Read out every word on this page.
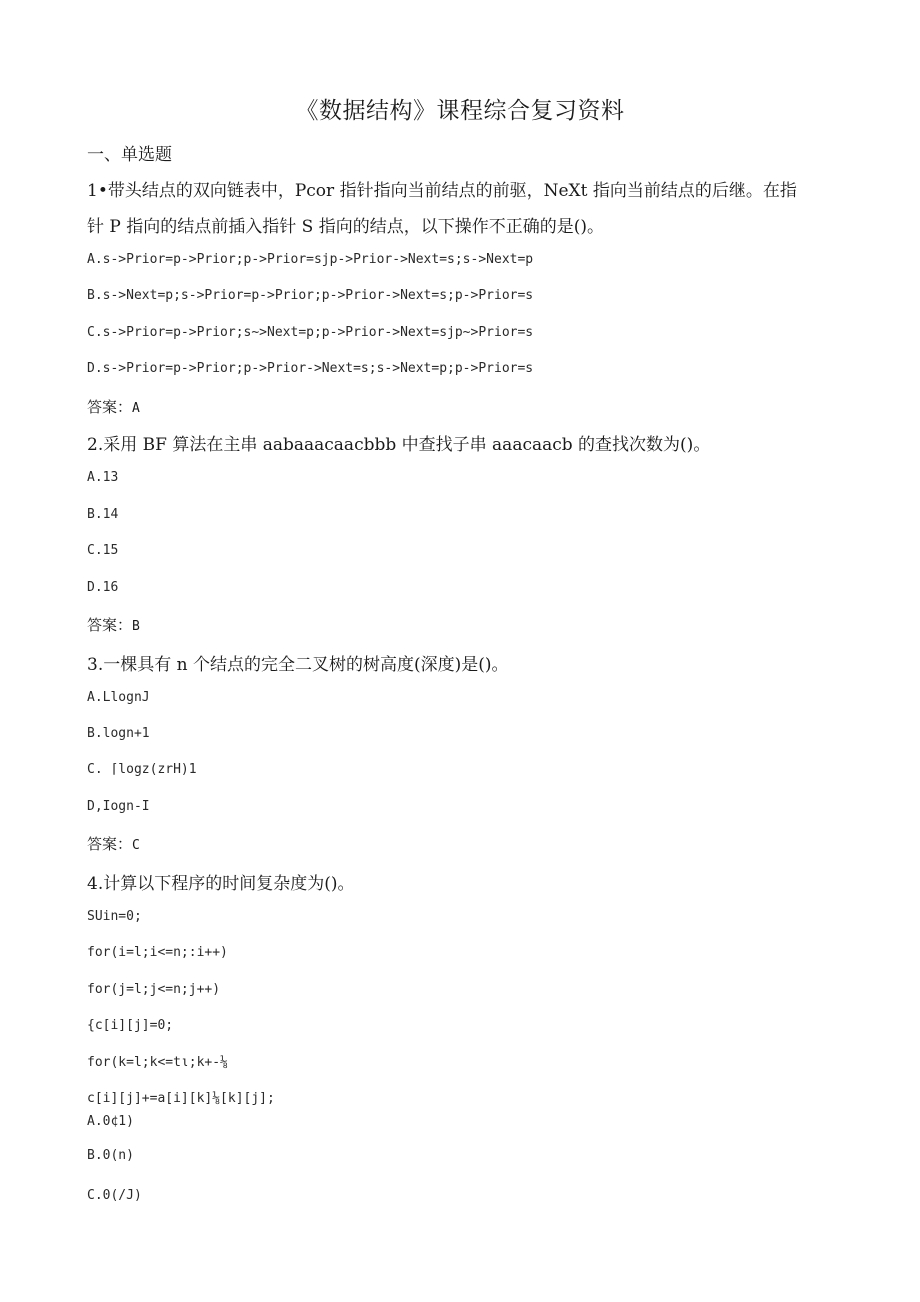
《数据结构》课程综合复习资料
一、单选题
1•带头结点的双向链表中，Pcor 指针指向当前结点的前驱，NeXt 指向当前结点的后继。在指
针 P 指向的结点前插入指针 S 指向的结点，以下操作不正确的是()。
A.s->Prior=p->Prior;p->Prior=sjp->Prior->Next=s;s->Next=p
B.s->Next=p;s->Prior=p->Prior;p->Prior->Next=s;p->Prior=s
C.s->Prior=p->Prior;s~>Next=p;p->Prior->Next=sjp~>Prior=s
D.s->Prior=p->Prior;p->Prior->Next=s;s->Next=p;p->Prior=s
答案：A
2.采用 BF 算法在主串 aabaaacaacbbb 中查找子串 aaacaacb 的查找次数为()。
A.13
B.14
C.15
D.16
答案：B
3.一棵具有 n 个结点的完全二叉树的树高度(深度)是()。
A.LlognJ
B.logn+1
C. ⌈logz(zrH)1
D,Iogn-I
答案：C
4.计算以下程序的时间复杂度为()。
SUin=0;
for(i=l;i<=n;:i++)
for(j=l;j<=n;j++)
{c[i][j]=0;
for(k=l;k<=tι;k+-⅛
c[i][j]+=a[i][k]⅛[k][j];
A.0¢1)
B.0(n)
C.0(/J)
